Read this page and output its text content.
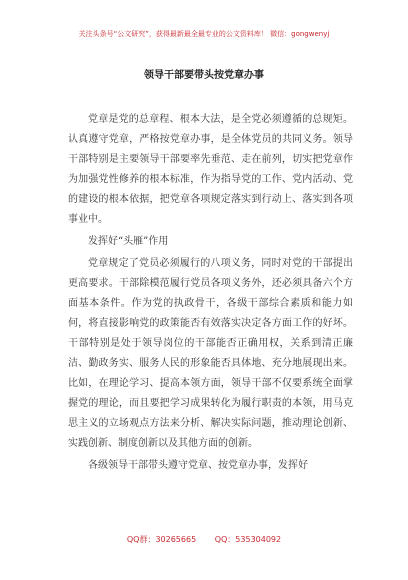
关注头条号“公文研究”，获得最新最全最专业的公文资料库！ 微信：gongwenyj
领导干部要带头按党章办事

党章是党的总章程、根本大法，是全党必须遵循的总规矩。认真遵守党章，严格按党章办事，是全体党员的共同义务。领导干部特别是主要领导干部要率先垂范、走在前列，切实把党章作为加强党性修养的根本标准，作为指导党的工作、党内活动、党的建设的根本依据，把党章各项规定落实到行动上、落实到各项事业中。

发挥好“头雁”作用

党章规定了党员必须履行的八项义务，同时对党的干部提出更高要求。干部除模范履行党员各项义务外，还必须具备六个方面基本条件。作为党的执政骨干，各级干部综合素质和能力如何，将直接影响党的政策能否有效落实决定各方面工作的好坏。干部特别是处于领导岗位的干部能否正确用权，关系到清正廉洁、勤政务实、服务人民的形象能否具体地、充分地展现出来。比如，在理论学习、提高本领方面，领导干部不仅要系统全面掌握党的理论，而且要把学习成果转化为履行职责的本领，用马克思主义的立场观点方法来分析、解决实际问题，推动理论创新、实践创新、制度创新以及其他方面的创新。

各级领导干部带头遵守党章、按党章办事，发挥好

QQ群：30265665 QQ：535304092
